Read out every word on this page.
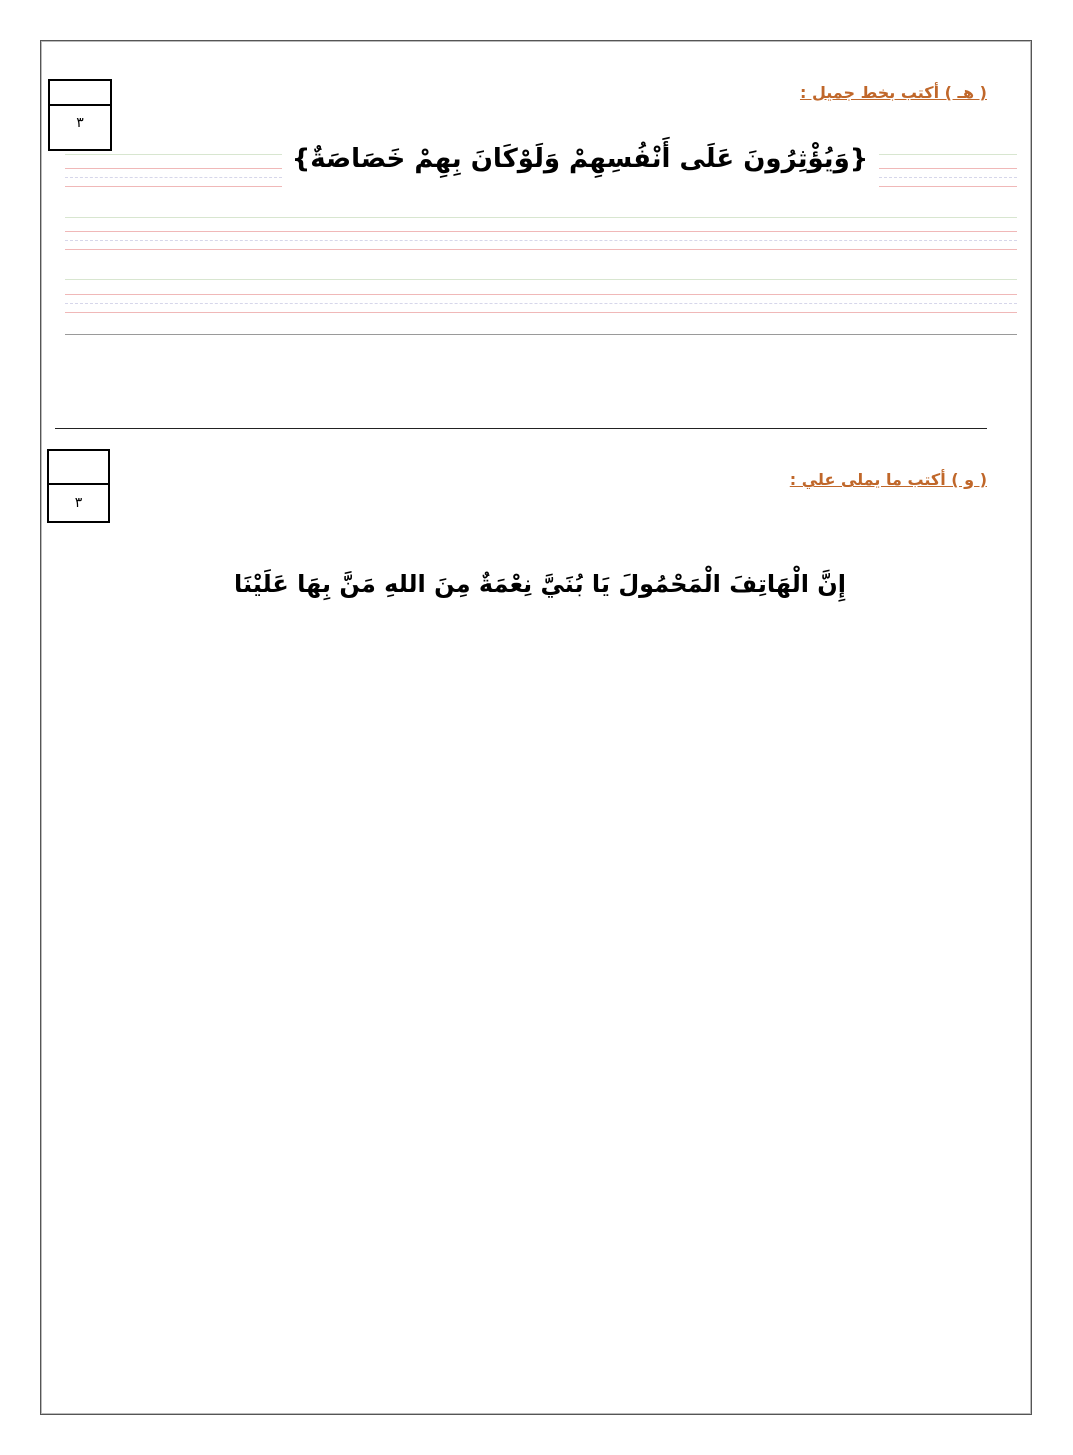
٣
( هـ ) أكتب بخط جميل :
{وَيُؤْثِرُونَ عَلَى أَنْفُسِهِمْ وَلَوْكَانَ بِهِمْ خَصَاصَةٌ}
٣
( و ) أكتب ما يملى علي :
إِنَّ الْهَاتِفَ الْمَحْمُولَ يَا بُنَيَّ نِعْمَةٌ مِنَ اللهِ مَنَّ بِهَا عَلَيْنَا
